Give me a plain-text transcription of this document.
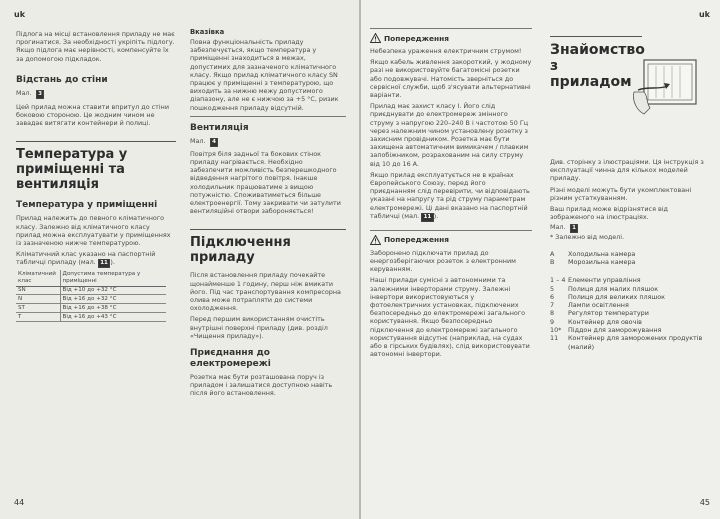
uk
Підлога на місці встановлення приладу не має прогинатися. За необхідності укріпіть підлогу. Якщо підлога має нерівності, компенсуйте їх за допомогою підкладок.
Відстань до стіни
Мал. 3
Цей прилад можна ставити впритул до стіни боковою стороною. Це жодним чином не завадає витягати контейнери й полиці.
Температура у приміщенні та вентиляція
Температура у приміщенні
Прилад належить до певного кліматичного класу. Залежно від кліматичного класу прилад можна експлуатувати у приміщеннях із зазначеною нижче температурою.
Кліматичний клас указано на паспортній табличці приладу (мал. 11 ).
Кліматичний клас	Допустима температура у приміщенні
SN	Від +10 до +32 °C
N	Від +16 до +32 °C
ST	Від +16 до +38 °C
T	Від +16 до +43 °C
Вказівка
Повна функціональність приладу забезпечується, якщо температура у приміщенні знаходиться в межах, допустимих для зазначеного кліматичного класу. Якщо прилад кліматичного класу SN працює у приміщенні з температурою, що виходить за нижню межу допустимого діапазону, але не є нижчою за +5 °C, ризик пошкодження приладу відсутній.
Вентиляція
Мал. 4
Повітря біля задньої та бокових стінок приладу нагрівається. Необхідно забезпечити можливість безперешкодного відведення нагрітого повітря. Інакше холодильник працюватиме з вищою потужністю. Споживатиметься більше електроенергії. Тому закривати чи затулити вентиляційні отвори забороняється!
Підключення приладу
Після встановлення приладу почекайте щонайменше 1 годину, перш ніж вмикати його. Під час транспортування компресорна олива може потрапляти до системи охолодження.
Перед першим використанням очистіть внутрішні поверхні приладу (див. розділ «Чищення приладу»).
Приєднання до електромережі
Розетка має бути розташована поруч із приладом і залишатися доступною навіть після його встановлення.
44
uk
Попередження
Небезпека ураження електричним струмом!
Якщо кабель живлення закороткий, у жодному разі не використовуйте багатомісні розетки або подовжувачі. Натомість зверніться до сервісної служби, щоб з'ясувати альтернативні варіанти.
Прилад має захист класу I. Його слід приєднувати до електромереж змінного струму з напругою 220–240 В і частотою 50 Гц через належним чином установлену розетку з захисним провідником. Розетка має бути захищена автоматичним вимикачем / плавким запобіжником, розрахованим на силу струму від 10 до 16 А.
Якщо прилад експлуатується не в країнах Європейського Союзу, перед його приєднанням слід перевірити, чи відповідають указані на напругу та рід струму параметрам електромережі. Ці дані вказано на паспортній табличці (мал. 11 ).
Попередження
Заборонено підключати прилад до енергозберігаючих розеток з електронним керуванням.
Наші прилади сумісні з автономними та залежними інверторами струму. Залежні інвертори використовуються у фотоелектричних установках, підключених безпосередньо до електромережі загального користування. Якщо безпосередньо підключення до електромережі загального користування відсутнє (наприклад, на судах або в гірських будівлях), слід використовувати автономні інвертори.
Знайомство з приладом
Див. сторінку з ілюстраціями. Ця інструкція з експлуатації чинна для кількох моделей приладу.
Різні моделі можуть бути укомплектовані різним устаткуванням.
Ваш прилад може відрізнятися від зображеного на ілюстраціях.
Мал. 1
* Залежно від моделі.
A	Холодильна камера
B	Морозильна камера
1 – 4 Елементи управління
5	Полиця для малих пляшок
6	Полиця для великих пляшок
7	Лампи освітлення
8	Регулятор температури
9	Контейнер для овочів
10*	Піддон для заморожування
11	Контейнер для заморожених продуктів (малий)
45
